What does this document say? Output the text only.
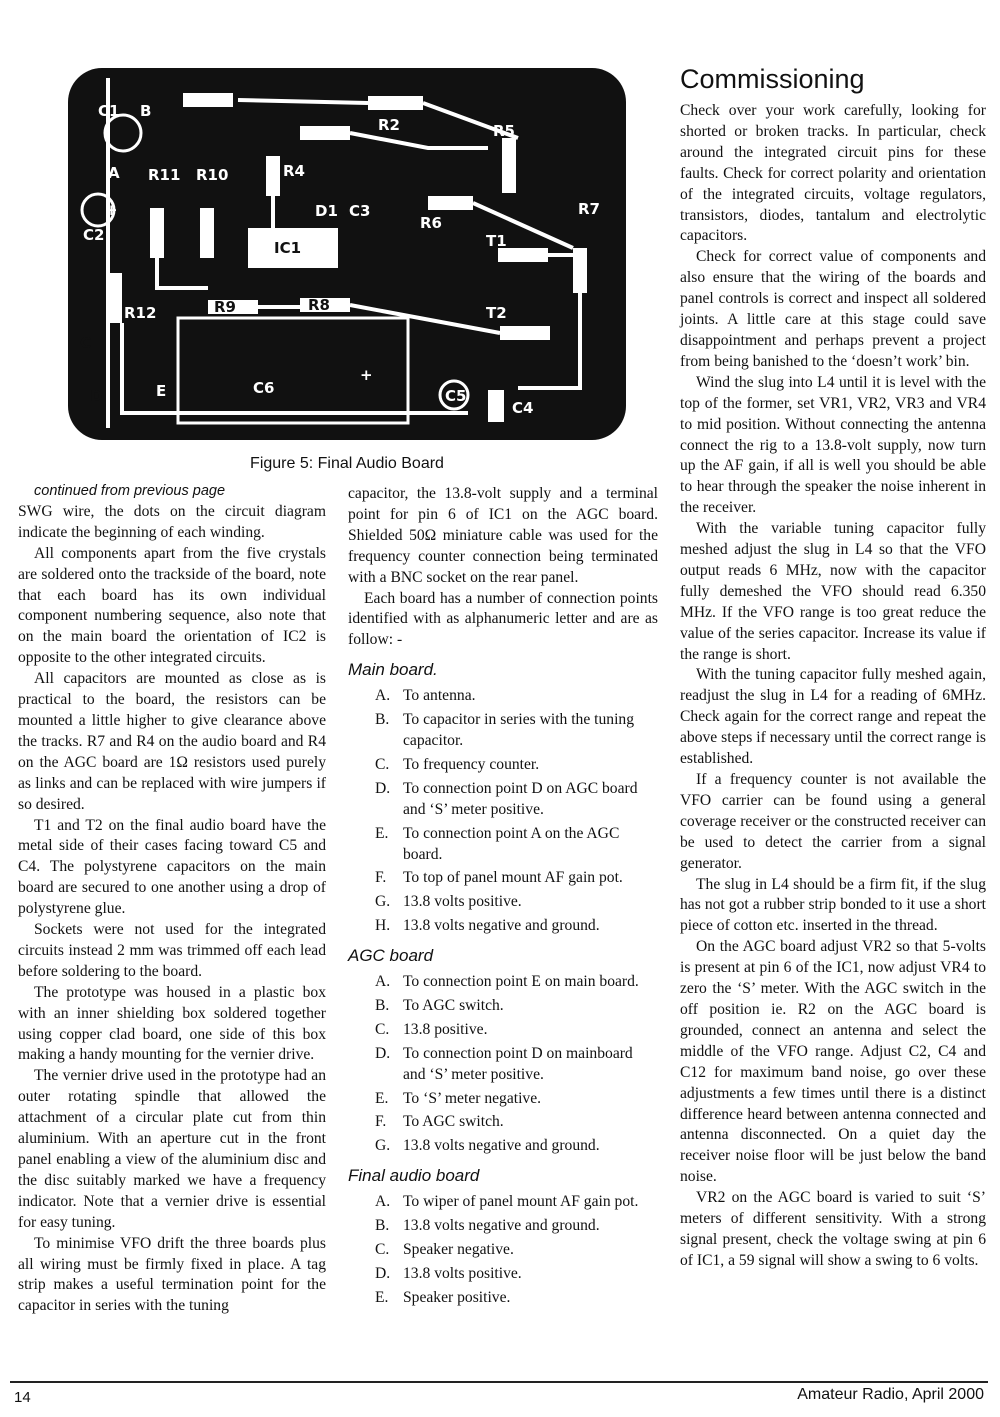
C1 B
R1
R2
R3	R5
R4
A R11 R10
D1 C3
R6
R7
C2
+
IC1	T1
R12	R9	R8	T2
C
E	C6
+
C5
C4
D
Figure 5: Final Audio Board

continued from previous page

SWG wire, the dots on the circuit diagram indicate the beginning of each winding.

All components apart from the five crystals are soldered onto the trackside of the board, note that each board has its own individual component numbering sequence, also note that on the main board the orientation of IC2 is opposite to the other integrated circuits.

All capacitors are mounted as close as is practical to the board, the resistors can be mounted a little higher to give clearance above the tracks. R7 and R4 on the audio board and R4 on the AGC board are 1Ω resistors used purely as links and can be replaced with wire jumpers if so desired.

T1 and T2 on the final audio board have the metal side of their cases facing toward C5 and C4. The polystyrene capacitors on the main board are secured to one another using a drop of polystyrene glue.

Sockets were not used for the integrated circuits instead 2 mm was trimmed off each lead before soldering to the board.

The prototype was housed in a plastic box with an inner shielding box soldered together using copper clad board, one side of this box making a handy mounting for the vernier drive.

The vernier drive used in the prototype had an outer rotating spindle that allowed the attachment of a circular plate cut from thin aluminium. With an aperture cut in the front panel enabling a view of the aluminium disc and the disc suitably marked we have a frequency indicator. Note that a vernier drive is essential for easy tuning.

To minimise VFO drift the three boards plus all wiring must be firmly fixed in place. A tag strip makes a useful termination point for the capacitor in series with the tuning

capacitor, the 13.8-volt supply and a terminal point for pin 6 of IC1 on the AGC board. Shielded 50Ω miniature cable was used for the frequency counter connection being terminated with a BNC socket on the rear panel.

Each board has a number of connection points identified with as alphanumeric letter and are as follow: -

Main board.
A. To antenna.
B. To capacitor in series with the tuning capacitor.
C. To frequency counter.
D. To connection point D on AGC board and ‘S’ meter positive.
E. To connection point A on the AGC board.
F. To top of panel mount AF gain pot.
G. 13.8 volts positive.
H. 13.8 volts negative and ground.
AGC board
A. To connection point E on main board.
B. To AGC switch.
C. 13.8 positive.
D. To connection point D on mainboard and ‘S’ meter positive.
E. To ‘S’ meter negative.
F. To AGC switch.
G. 13.8 volts negative and ground.
Final audio board
A. To wiper of panel mount AF gain pot.
B. 13.8 volts negative and ground.
C. Speaker negative.
D. 13.8 volts positive.
E. Speaker positive.
Commissioning

Check over your work carefully, looking for shorted or broken tracks. In particular, check around the integrated circuit pins for these faults. Check for correct polarity and orientation of the integrated circuits, voltage regulators, transistors, diodes, tantalum and electrolytic capacitors.

Check for correct value of components and also ensure that the wiring of the boards and panel controls is correct and inspect all soldered joints. A little care at this stage could save disappointment and perhaps prevent a project from being banished to the ‘doesn’t work’ bin.

Wind the slug into L4 until it is level with the top of the former, set VR1, VR2, VR3 and VR4 to mid position. Without connecting the antenna connect the rig to a 13.8-volt supply, now turn up the AF gain, if all is well you should be able to hear through the speaker the noise inherent in the receiver.

With the variable tuning capacitor fully meshed adjust the slug in L4 so that the VFO output reads 6 MHz, now with the capacitor fully demeshed the VFO should read 6.350 MHz. If the VFO range is too great reduce the value of the series capacitor. Increase its value if the range is short.

With the tuning capacitor fully meshed again, readjust the slug in L4 for a reading of 6MHz. Check again for the correct range and repeat the above steps if necessary until the correct range is established.

If a frequency counter is not available the VFO carrier can be found using a general coverage receiver or the constructed receiver can be used to detect the carrier from a signal generator.

The slug in L4 should be a firm fit, if the slug has not got a rubber strip bonded to it use a short piece of cotton etc. inserted in the thread.

On the AGC board adjust VR2 so that 5-volts is present at pin 6 of the IC1, now adjust VR4 to zero the ‘S’ meter. With the AGC switch in the off position ie. R2 on the AGC board is grounded, connect an antenna and select the middle of the VFO range. Adjust C2, C4 and C12 for maximum band noise, go over these adjustments a few times until there is a distinct difference heard between antenna connected and antenna disconnected. On a quiet day the receiver noise floor will be just below the band noise.

VR2 on the AGC board is varied to suit ‘S’ meters of different sensitivity. With a strong signal present, check the voltage swing at pin 6 of IC1, a 59 signal will show a swing to 6 volts.

14	Amateur Radio, April 2000
